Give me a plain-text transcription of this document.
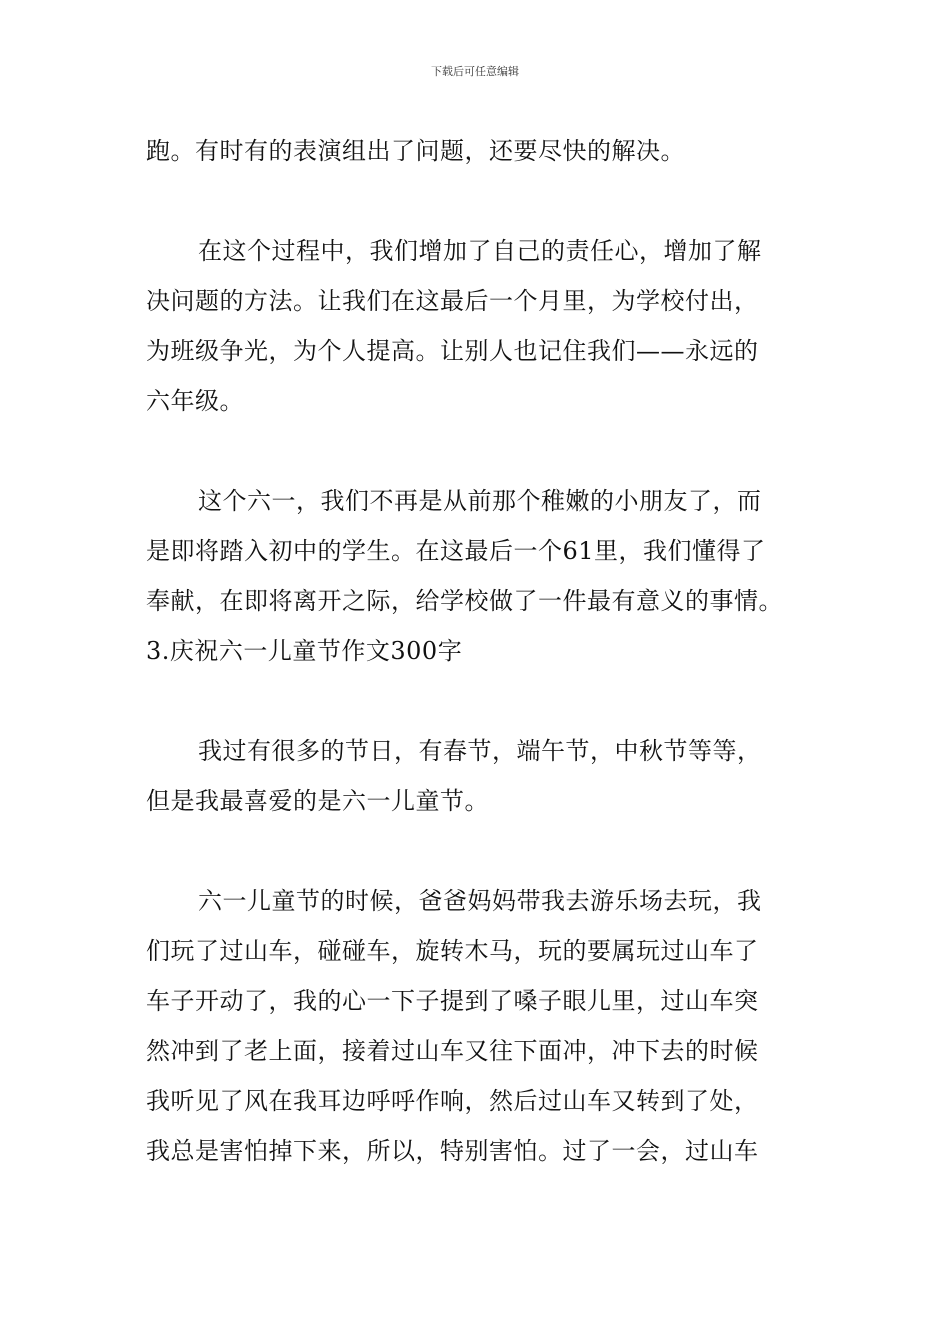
下载后可任意编辑
跑。有时有的表演组出了问题，还要尽快的解决。
在这个过程中，我们增加了自己的责任心，增加了解
决问题的方法。让我们在这最后一个月里，为学校付出，
为班级争光，为个人提高。让别人也记住我们——永远的
六年级。
这个六一，我们不再是从前那个稚嫩的小朋友了，而
是即将踏入初中的学生。在这最后一个61里，我们懂得了
奉献，在即将离开之际，给学校做了一件最有意义的事情。
3.庆祝六一儿童节作文300字
我过有很多的节日，有春节，端午节，中秋节等等，
但是我最喜爱的是六一儿童节。
六一儿童节的时候，爸爸妈妈带我去游乐场去玩，我
们玩了过山车，碰碰车，旋转木马，玩的要属玩过山车了
车子开动了，我的心一下子提到了嗓子眼儿里，过山车突
然冲到了老上面，接着过山车又往下面冲，冲下去的时候
我听见了风在我耳边呼呼作响，然后过山车又转到了处，
我总是害怕掉下来，所以，特别害怕。过了一会，过山车
